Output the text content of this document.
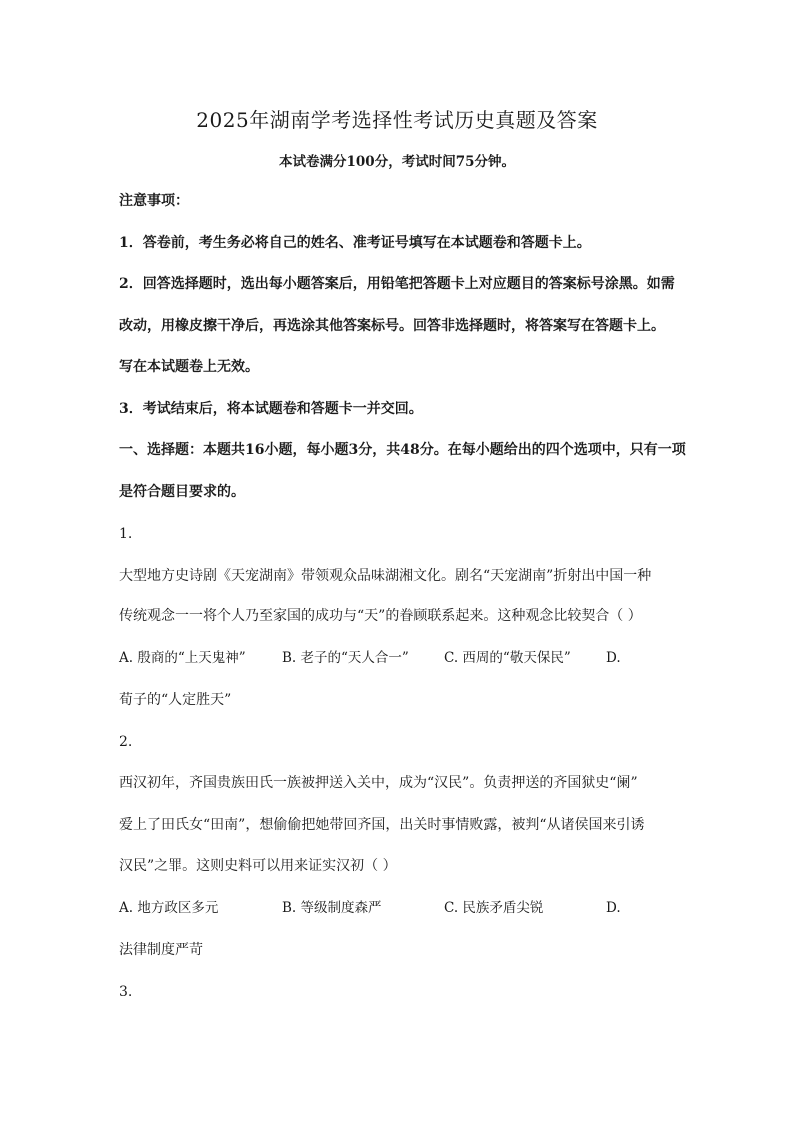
2025年湖南学考选择性考试历史真题及答案
本试卷满分100分，考试时间75分钟。
注意事项：
1．答卷前，考生务必将自己的姓名、准考证号填写在本试题卷和答题卡上。
2．回答选择题时，选出每小题答案后，用铅笔把答题卡上对应题目的答案标号涂黑。如需
改动，用橡皮擦干净后，再选涂其他答案标号。回答非选择题时，将答案写在答题卡上。
写在本试题卷上无效。
3．考试结束后，将本试题卷和答题卡一并交回。
一、选择题：本题共16小题，每小题3分，共48分。在每小题给出的四个选项中，只有一项
是符合题目要求的。
1.
大型地方史诗剧《天宠湖南》带领观众品味湖湘文化。剧名“天宠湖南”折射出中国一种
传统观念一一将个人乃至家国的成功与“天”的眷顾联系起来。这种观念比较契合（ ）
A. 殷商的“上天鬼神”	B. 老子的“天人合一”	C. 西周的“敬天保民”	D.
荀子的“人定胜天”
2.
西汉初年，齐国贵族田氏一族被押送入关中，成为“汉民”。负责押送的齐国狱史“阑”
爱上了田氏女“田南”，想偷偷把她带回齐国，出关时事情败露，被判“从诸侯国来引诱
汉民”之罪。这则史料可以用来证实汉初（ ）
A. 地方政区多元	B. 等级制度森严	C. 民族矛盾尖锐	D.
法律制度严苛
3.
